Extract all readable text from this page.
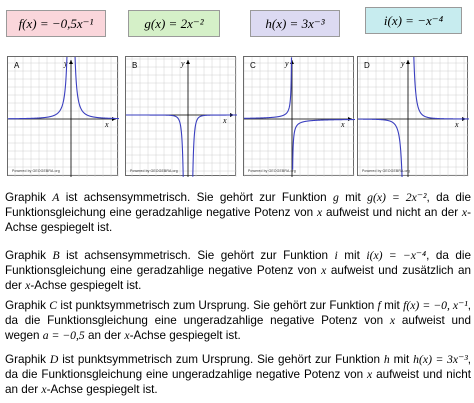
f(x) = −0,5x⁻¹	g(x) = 2x⁻²	h(x) = 3x⁻³	i(x) = −x⁻⁴
y
x
A
Powered by GEOGEBRA.org
y
x
B
Powered by GEOGEBRA.org
y
x
C
Powered by GEOGEBRA.org
y
x
D
Powered by GEOGEBRA.org
Graphik A ist achsensymmetrisch. Sie gehört zur Funktion g mit g(x) = 2x⁻², da die Funktionsgleichung eine geradzahlige negative Potenz von x aufweist und nicht an der x-Achse gespiegelt ist.
Graphik B ist achsensymmetrisch. Sie gehört zur Funktion i mit i(x) = −x⁻⁴, da die Funktionsgleichung eine geradzahlige negative Potenz von x aufweist und zusätzlich an der x-Achse gespiegelt ist.
Graphik C ist punktsymmetrisch zum Ursprung. Sie gehört zur Funktion f mit f(x) = −0, x⁻¹, da die Funktionsgleichung eine ungeradzahlige negative Potenz von x aufweist und wegen a = −0,5 an der x-Achse gespiegelt ist.
Graphik D ist punktsymmetrisch zum Ursprung. Sie gehört zur Funktion h mit h(x) = 3x⁻³, da die Funktionsgleichung eine ungeradzahlige negative Potenz von x aufweist und nicht an der x-Achse gespiegelt ist.
